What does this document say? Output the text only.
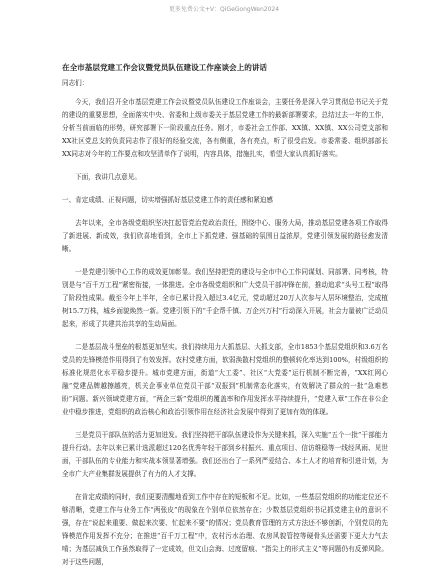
更多免费公文+V：QiGeGongWen2024
在全市基层党建工作会议暨党员队伍建设工作座谈会上的讲话
同志们：

今天，我们召开全市基层党建工作会议暨党员队伍建设工作座谈会，主要任务是深入学习贯彻总书记关于党的建设的重要思想，全面落实中央、省委和上级市委关于基层党建工作的最新部署要求，总结过去一年的工作，分析当前面临的形势，研究部署下一阶段重点任务。刚才，市委社会工作部、XX镇、XX镇、XX公司党支部和XX社区党总支的负责同志作了很好的经验交流，各有侧重，各有亮点，听了很受启发。市委常委、组织部部长XX同志对今年的工作要点和攻坚清单作了说明，内容具体，措施扎实，希望大家认真抓好落实。

下面，我讲几点意见。

一、肯定成绩、正视问题，切实增强抓好基层党建工作的责任感和紧迫感

去年以来，全市各级党组织坚决扛起管党治党政治责任，围绕中心、服务大局，推动基层党建各项工作取得了新进展、新成效，我们欣喜地看到，全市上下抓党建、强基础的氛围日益浓厚，党建引领发展的路径愈发清晰。

一是党建引领中心工作的成效更加彰显。我们坚持把党的建设与全市中心工作同谋划、同部署、同考核，特别是与“百千万工程”紧密衔接，一体推进。全市各级党组织和广大党员干部冲锋在前，推动追求“头号工程”取得了阶段性成果。截至今年上半年，全市已累计投入超过3.4亿元，党动超过20万人次参与人居环境整治，完成植树15.7万株，城乡面貌焕然一新。党建引领下的“千企帮千镇、万企兴万村”行动深入开展，社会力量被广泛动员起来，形成了共建共治共享的生动局面。

二是基层战斗堡垒的根基更加坚实。我们持续用力大抓基层、大抓支部，全市1853个基层党组织和3.6万名党员的先锋模范作用得到了有效发挥。农村党建方面，软弱涣散村党组织的整顿转化率达到100%，村级组织的标准化规范化水平稳步提升。城市党建方面，街道“大工委”、社区“大党委”运行机制不断完善，“XX红网心融”党建品牌越擦越亮，机关企事业单位党员干部“双报到”机制常态化落实，有效解决了群众的一批“急难愁盼”问题。新兴领域党建方面，“两企三新”党组织的覆盖率和作用发挥水平持续提升，“党建入章”工作在非公企业中稳步推进，党组织的政治核心和政治引领作用在经济社会发展中得到了更加有效的体现。

三是党员干部队伍的活力更加迸发。我们坚持把干部队伍建设作为关键来抓，深入实施“五个一批”干部能力提升行动。去年以来已累计选派超过120名优秀年轻干部到乡村振兴、重点项目、信访维稳等一线经风雨、见世面，干部队伍的专业能力和实战本领显著增强。我们还出台了一系列严爱结合、本土人才的培育和引进计划，为全市广大产业集群发展提供了有力的人才支撑。

在肯定成绩的同时，我们更要清醒地看到工作中存在的短板和不足。比如，一些基层党组织的功能定位还不够清晰，党建工作与业务工作“两张皮”的现象在个别单位依然存在；少数基层党组织书记抓党建主业的意识不强，存在“说起来重要、做起来次要、忙起来不要”的情况；党员教育管理的方式方法还不够创新，个别党员的先锋模范作用发挥不充分；在推进“百千万工程”中，农村污水治理、农房风貌管控等硬骨头还需要下更大力气去啃；为基层减负工作虽然取得了一定成效，但文山会海、过度留痕、“指尖上的形式主义”等问题仍有反弹风险。对于这些问题，
